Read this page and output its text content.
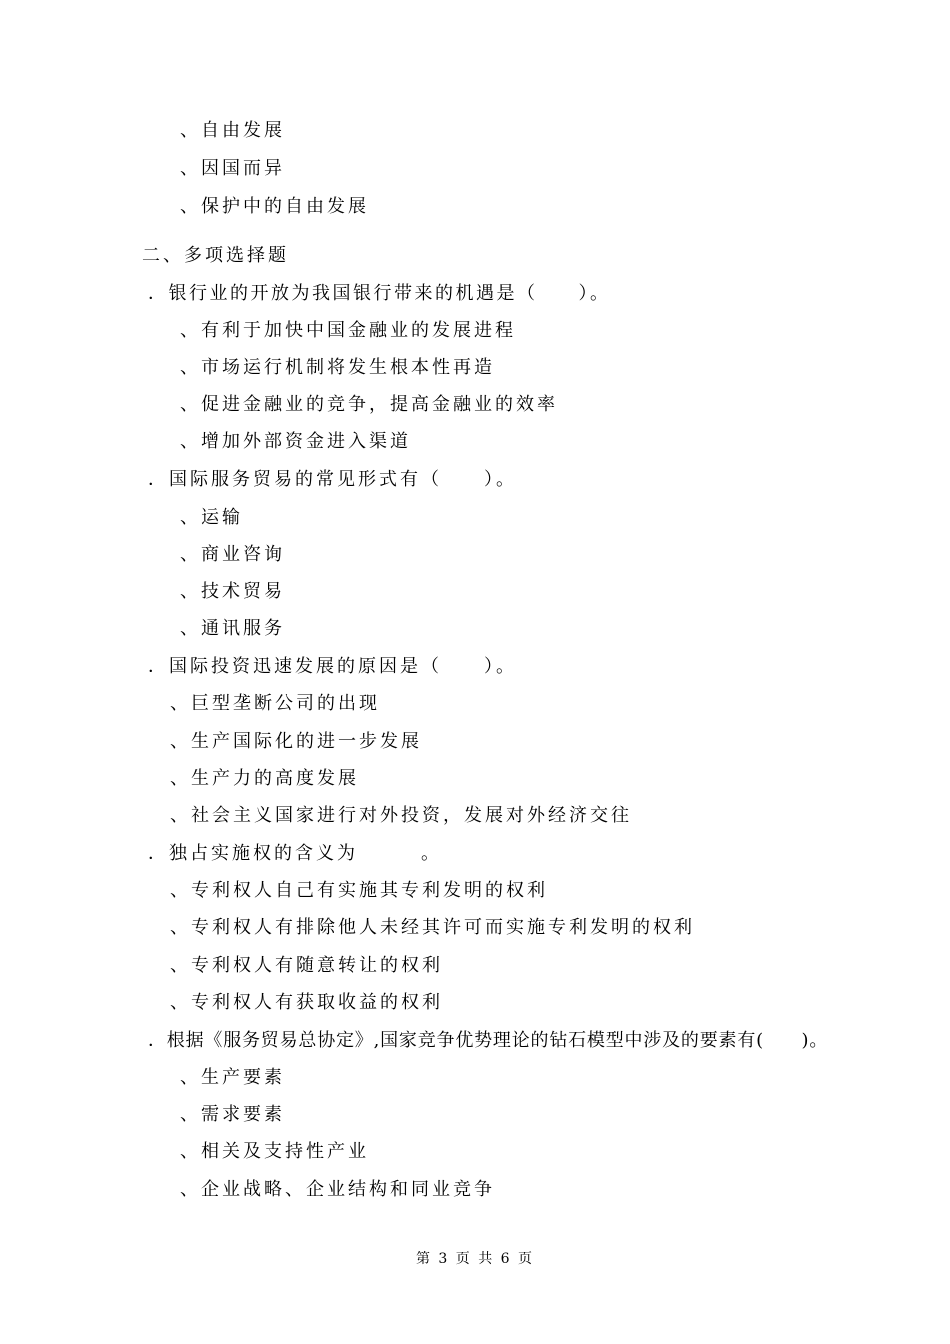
、自由发展
、因国而异
、保护中的自由发展
二、多项选择题
．银行业的开放为我国银行带来的机遇是（　　）。
、有利于加快中国金融业的发展进程
、市场运行机制将发生根本性再造
、促进金融业的竞争，提高金融业的效率
、增加外部资金进入渠道
．国际服务贸易的常见形式有（　　）。
、运输
、商业咨询
、技术贸易
、通讯服务
．国际投资迅速发展的原因是（　　）。
、巨型垄断公司的出现
、生产国际化的进一步发展
、生产力的高度发展
、社会主义国家进行对外投资，发展对外经济交往
．独占实施权的含义为　　　。
、专利权人自己有实施其专利发明的权利
、专利权人有排除他人未经其许可而实施专利发明的权利
、专利权人有随意转让的权利
、专利权人有获取收益的权利
．根据《服务贸易总协定》,国家竞争优势理论的钻石模型中涉及的要素有(　　)。
、生产要素
、需求要素
、相关及支持性产业
、企业战略、企业结构和同业竞争
第 3 页 共 6 页
